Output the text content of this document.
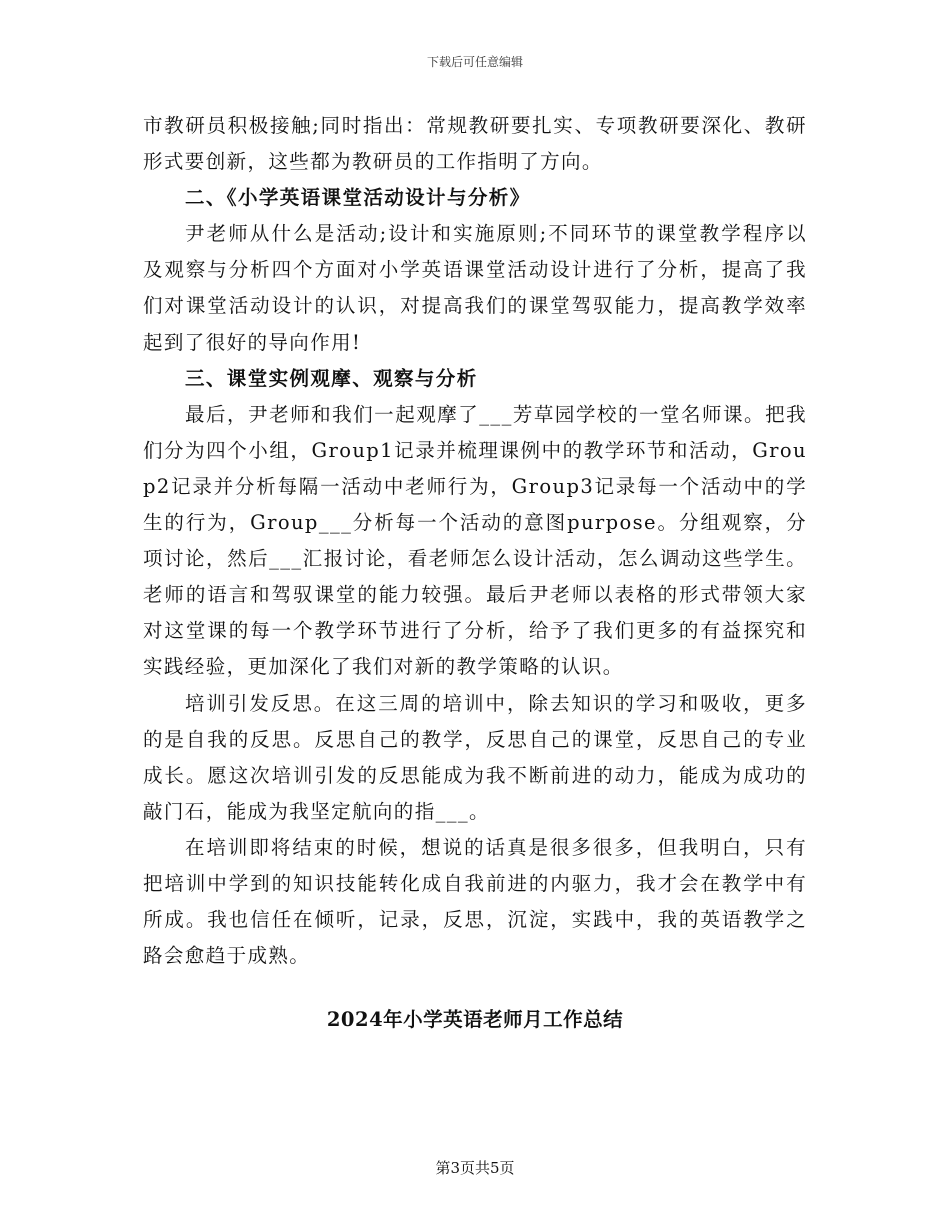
下载后可任意编辑

市教研员积极接触;同时指出：常规教研要扎实、专项教研要深化、教研形式要创新，这些都为教研员的工作指明了方向。

二、《小学英语课堂活动设计与分析》

尹老师从什么是活动;设计和实施原则;不同环节的课堂教学程序以及观察与分析四个方面对小学英语课堂活动设计进行了分析，提高了我们对课堂活动设计的认识，对提高我们的课堂驾驭能力，提高教学效率起到了很好的导向作用!

三、课堂实例观摩、观察与分析

最后，尹老师和我们一起观摩了___芳草园学校的一堂名师课。把我们分为四个小组，Group1记录并梳理课例中的教学环节和活动，Group2记录并分析每隔一活动中老师行为，Group3记录每一个活动中的学生的行为，Group___分析每一个活动的意图purpose。分组观察，分项讨论，然后___汇报讨论，看老师怎么设计活动，怎么调动这些学生。老师的语言和驾驭课堂的能力较强。最后尹老师以表格的形式带领大家对这堂课的每一个教学环节进行了分析，给予了我们更多的有益探究和实践经验，更加深化了我们对新的教学策略的认识。

培训引发反思。在这三周的培训中，除去知识的学习和吸收，更多的是自我的反思。反思自己的教学，反思自己的课堂，反思自己的专业成长。愿这次培训引发的反思能成为我不断前进的动力，能成为成功的敲门石，能成为我坚定航向的指___。

在培训即将结束的时候，想说的话真是很多很多，但我明白，只有把培训中学到的知识技能转化成自我前进的内驱力，我才会在教学中有所成。我也信任在倾听，记录，反思，沉淀，实践中，我的英语教学之路会愈趋于成熟。

2024年小学英语老师月工作总结
第3页共5页
